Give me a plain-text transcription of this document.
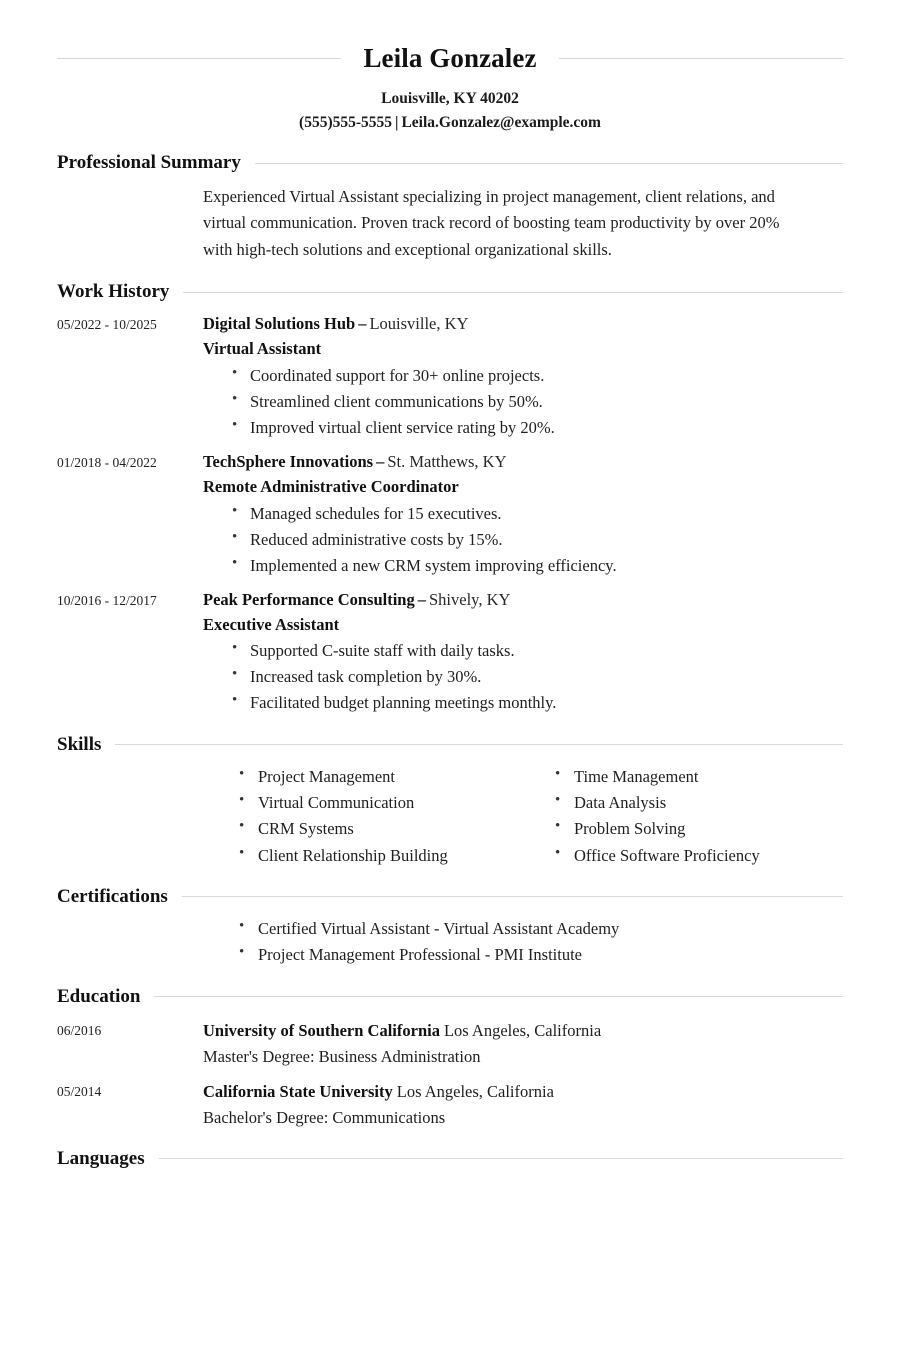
Leila Gonzalez
Louisville, KY 40202
(555)555-5555 | Leila.Gonzalez@example.com
Professional Summary
Experienced Virtual Assistant specializing in project management, client relations, and virtual communication. Proven track record of boosting team productivity by over 20% with high-tech solutions and exceptional organizational skills.
Work History
05/2022 - 10/2025	Digital Solutions Hub – Louisville, KY
Virtual Assistant
• Coordinated support for 30+ online projects.
• Streamlined client communications by 50%.
• Improved virtual client service rating by 20%.
01/2018 - 04/2022	TechSphere Innovations – St. Matthews, KY
Remote Administrative Coordinator
• Managed schedules for 15 executives.
• Reduced administrative costs by 15%.
• Implemented a new CRM system improving efficiency.
10/2016 - 12/2017	Peak Performance Consulting – Shively, KY
Executive Assistant
• Supported C-suite staff with daily tasks.
• Increased task completion by 30%.
• Facilitated budget planning meetings monthly.
Skills
• Project Management
• Virtual Communication
• CRM Systems
• Client Relationship Building
• Time Management
• Data Analysis
• Problem Solving
• Office Software Proficiency
Certifications
• Certified Virtual Assistant - Virtual Assistant Academy
• Project Management Professional - PMI Institute
Education
06/2016	University of Southern California Los Angeles, California
Master's Degree: Business Administration
05/2014	California State University Los Angeles, California
Bachelor's Degree: Communications
Languages
